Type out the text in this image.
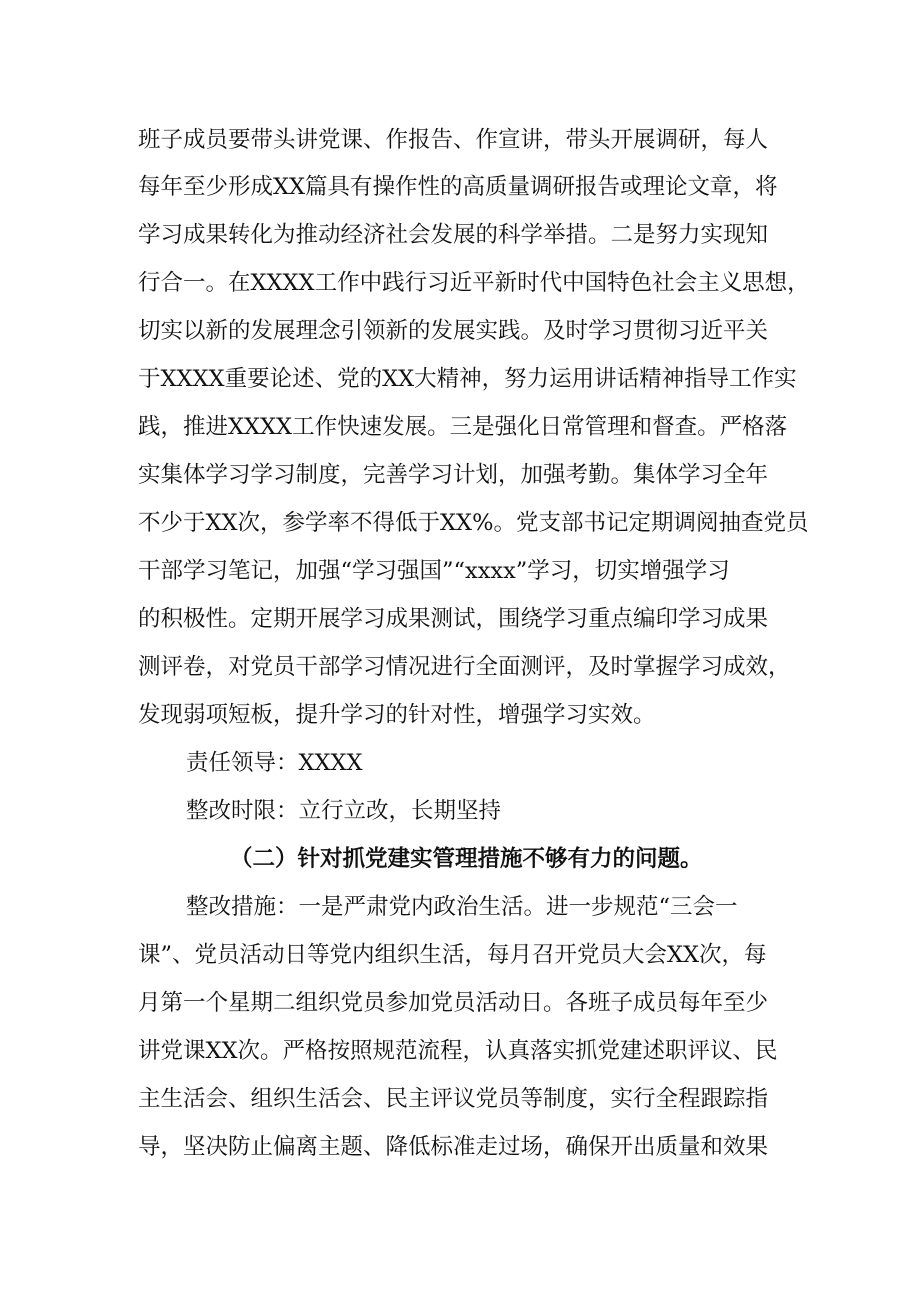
班子成员要带头讲党课、作报告、作宣讲，带头开展调研，每人
每年至少形成XX篇具有操作性的高质量调研报告或理论文章，将
学习成果转化为推动经济社会发展的科学举措。二是努力实现知
行合一。在XXXX工作中践行习近平新时代中国特色社会主义思想，
切实以新的发展理念引领新的发展实践。及时学习贯彻习近平关
于XXXX重要论述、党的XX大精神，努力运用讲话精神指导工作实
践，推进XXXX工作快速发展。三是强化日常管理和督查。严格落
实集体学习学习制度，完善学习计划，加强考勤。集体学习全年
不少于XX次，参学率不得低于XX%。党支部书记定期调阅抽查党员
干部学习笔记，加强“学习强国”“xxxx”学习，切实增强学习
的积极性。定期开展学习成果测试，围绕学习重点编印学习成果
测评卷，对党员干部学习情况进行全面测评，及时掌握学习成效，
发现弱项短板，提升学习的针对性，增强学习实效。
责任领导：XXXX
整改时限：立行立改，长期坚持
（二）针对抓党建实管理措施不够有力的问题。
整改措施：一是严肃党内政治生活。进一步规范“三会一
课”、党员活动日等党内组织生活，每月召开党员大会XX次，每
月第一个星期二组织党员参加党员活动日。各班子成员每年至少
讲党课XX次。严格按照规范流程，认真落实抓党建述职评议、民
主生活会、组织生活会、民主评议党员等制度，实行全程跟踪指
导，坚决防止偏离主题、降低标准走过场，确保开出质量和效果
